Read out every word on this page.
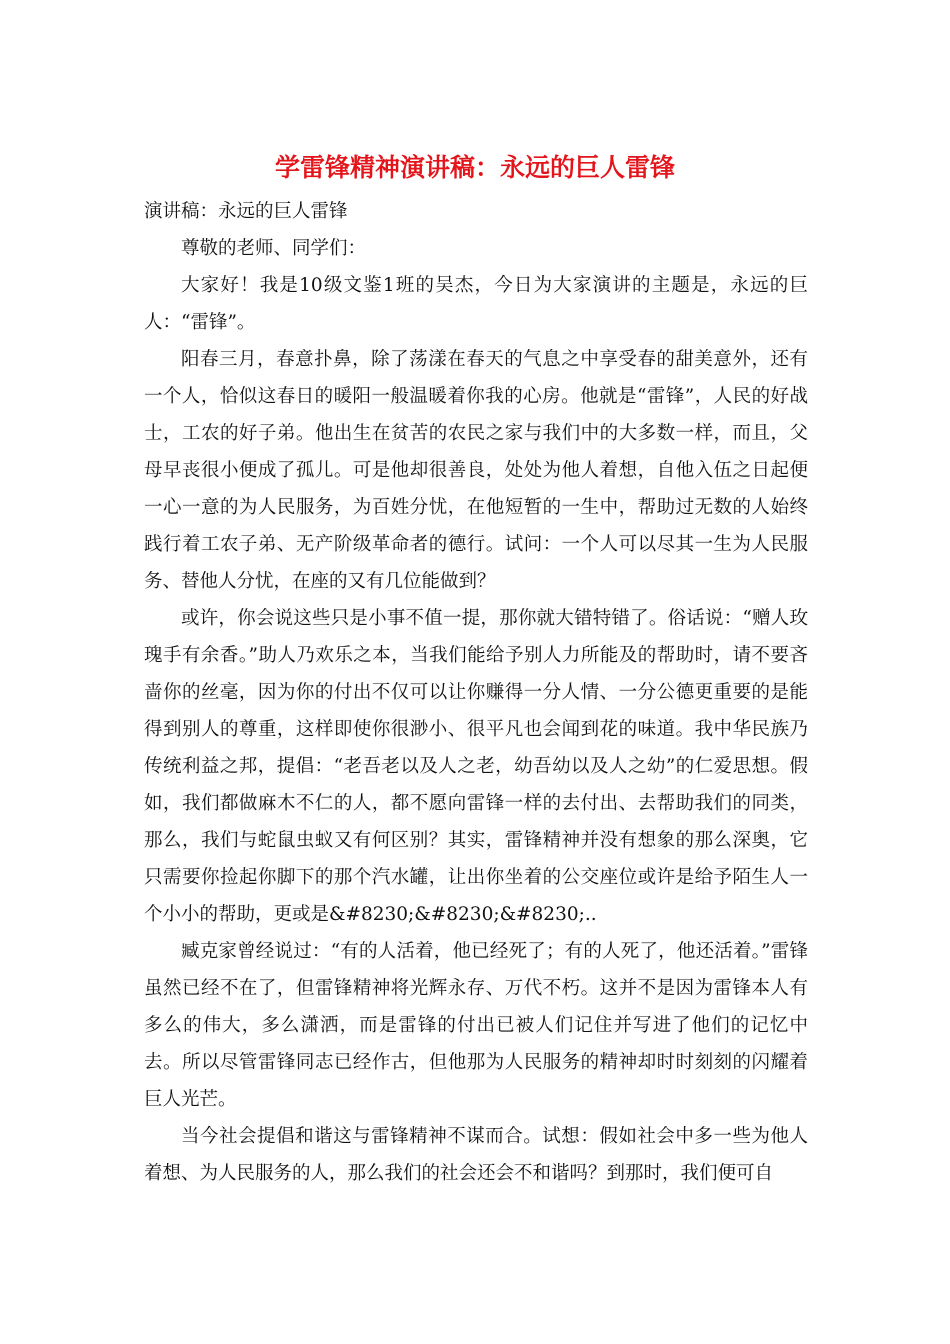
学雷锋精神演讲稿：永远的巨人雷锋

演讲稿：永远的巨人雷锋

尊敬的老师、同学们：

大家好！我是10级文鉴1班的吴杰，今日为大家演讲的主题是，永远的巨人：“雷锋”。

阳春三月，春意扑鼻，除了荡漾在春天的气息之中享受春的甜美意外，还有一个人，恰似这春日的暖阳一般温暖着你我的心房。他就是“雷锋”，人民的好战士，工农的好子弟。他出生在贫苦的农民之家与我们中的大多数一样，而且，父母早丧很小便成了孤儿。可是他却很善良，处处为他人着想，自他入伍之日起便一心一意的为人民服务，为百姓分忧，在他短暂的一生中，帮助过无数的人始终践行着工农子弟、无产阶级革命者的德行。试问：一个人可以尽其一生为人民服务、替他人分忧，在座的又有几位能做到？

或许，你会说这些只是小事不值一提，那你就大错特错了。俗话说：“赠人玫瑰手有余香。”助人乃欢乐之本，当我们能给予别人力所能及的帮助时，请不要吝啬你的丝毫，因为你的付出不仅可以让你赚得一分人情、一分公德更重要的是能得到别人的尊重，这样即使你很渺小、很平凡也会闻到花的味道。我中华民族乃传统利益之邦，提倡：“老吾老以及人之老，幼吾幼以及人之幼”的仁爱思想。假如，我们都做麻木不仁的人，都不愿向雷锋一样的去付出、去帮助我们的同类，那么，我们与蛇鼠虫蚁又有何区别？其实，雷锋精神并没有想象的那么深奥，它只需要你捡起你脚下的那个汽水罐，让出你坐着的公交座位或许是给予陌生人一个小小的帮助，更或是&#8230;&#8230;&#8230;..

臧克家曾经说过：“有的人活着，他已经死了；有的人死了，他还活着。”雷锋虽然已经不在了，但雷锋精神将光辉永存、万代不朽。这并不是因为雷锋本人有多么的伟大，多么潇洒，而是雷锋的付出已被人们记住并写进了他们的记忆中去。所以尽管雷锋同志已经作古，但他那为人民服务的精神却时时刻刻的闪耀着巨人光芒。

当今社会提倡和谐这与雷锋精神不谋而合。试想：假如社会中多一些为他人着想、为人民服务的人，那么我们的社会还会不和谐吗？到那时，我们便可自
